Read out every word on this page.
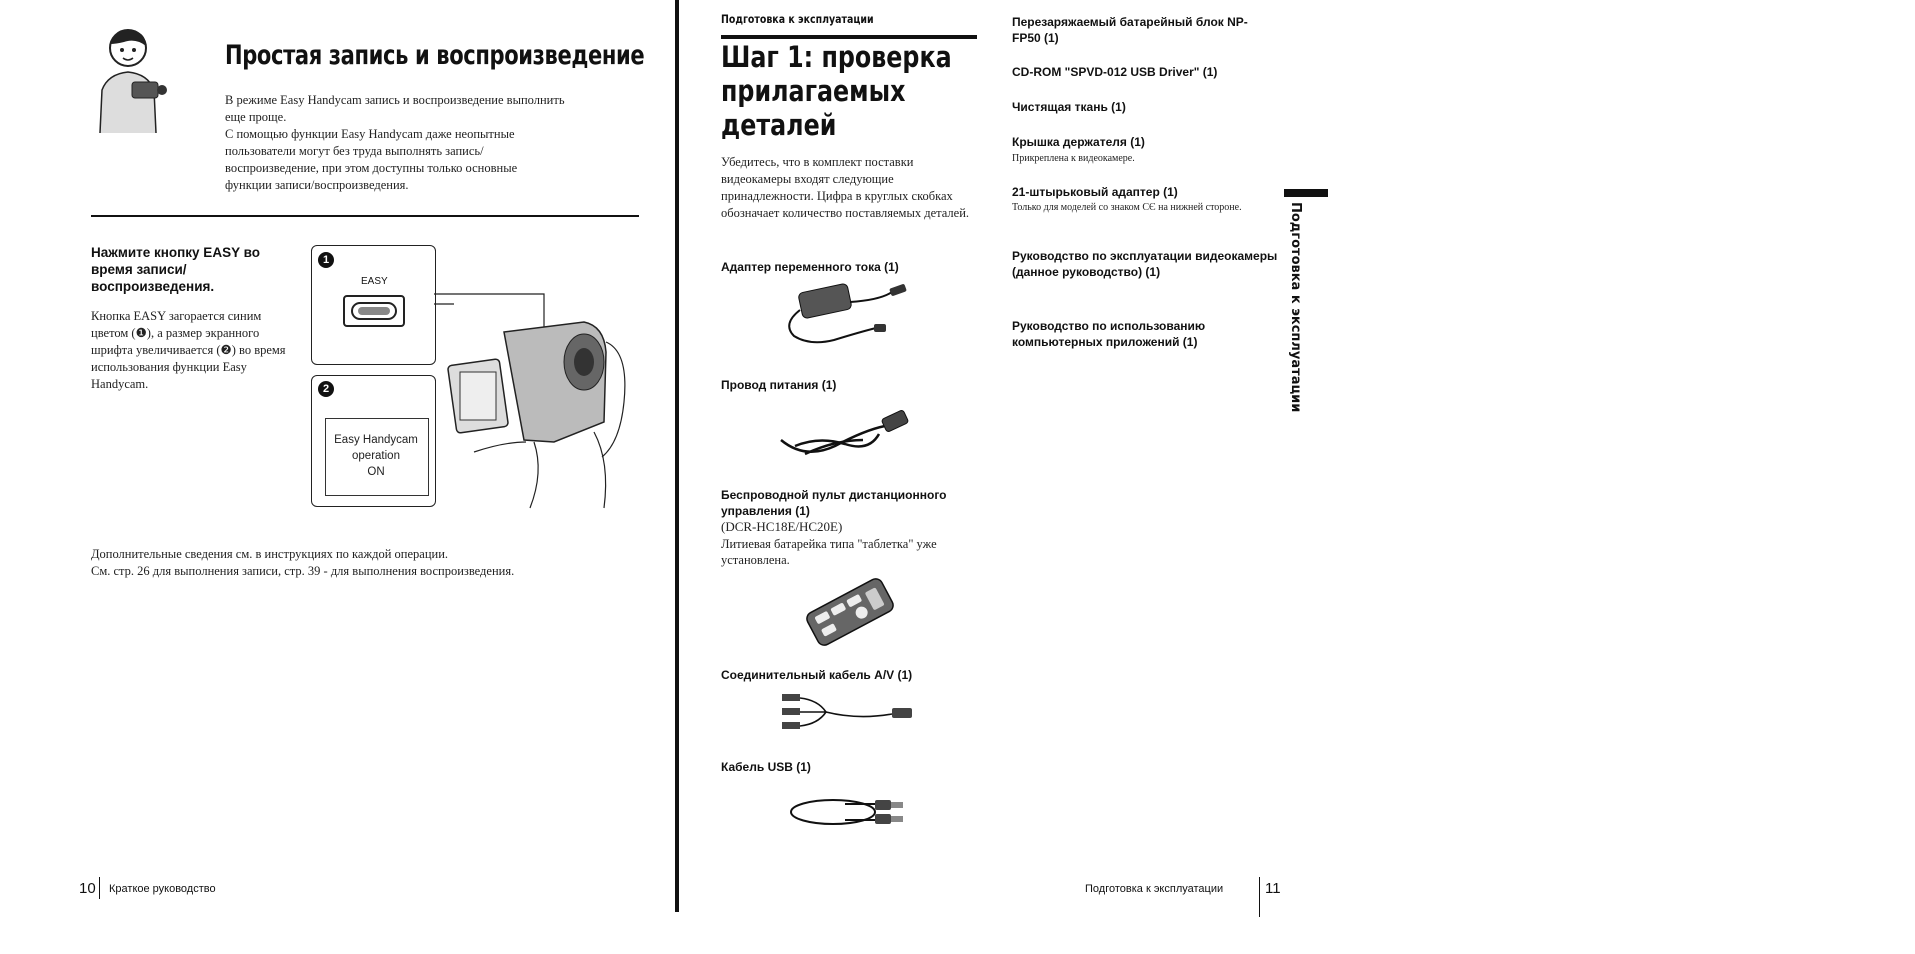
Простая запись и воспроизведение
В режиме Easy Handycam запись и воспроизведение выполнить
еще проще.
С помощью функции Easy Handycam даже неопытные
пользователи могут без труда выполнять запись/
воспроизведение, при этом доступны только основные
функции записи/воспроизведения.
Нажмите кнопку EASY во время записи/ воспроизведения.
Кнопка EASY загорается синим цветом (❶), а размер экранного шрифта увеличивается (❷) во время использования функции Easy Handycam.
1
EASY
2
Easy Handycam
operation
ON
Дополнительные сведения см. в инструкциях по каждой операции.
См. стр. 26 для выполнения записи, стр. 39 - для выполнения воспроизведения.
10 Краткое руководство
Подготовка к эксплуатации
Шаг 1: проверка
прилагаемых
деталей
Убедитесь, что в комплект поставки видеокамеры входят следующие принадлежности. Цифра в круглых скобках обозначает количество поставляемых деталей.
Адаптер переменного тока (1)
Провод питания (1)
Беспроводной пульт дистанционного управления (1)
(DCR-HC18E/HC20E)
Литиевая батарейка типа "таблетка" уже установлена.
Соединительный кабель A/V (1)
Кабель USB (1)
Перезаряжаемый батарейный блок NP-FP50 (1)
CD-ROM "SPVD-012 USB Driver" (1)
Чистящая ткань (1)
Крышка держателя (1)
Прикреплена к видеокамере.
21-штырьковый адаптер (1)
Только для моделей со знаком ϹЄ на нижней стороне.
Руководство по эксплуатации видеокамеры (данное руководство) (1)
Руководство по использованию компьютерных приложений (1)	Подготовка к эксплуатации
Подготовка к эксплуатации	11
